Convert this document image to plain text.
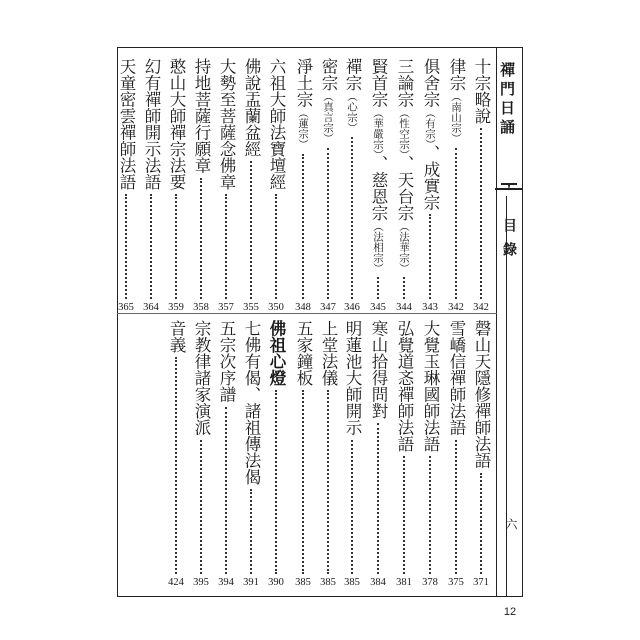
禪門日誦
目錄
六
12
十宗略說
342
律宗（南山宗）
342
俱舍宗（有宗）、成實宗
343
三論宗（性空宗）、天台宗（法華宗）
344
賢首宗（華嚴宗）、慈恩宗（法相宗）
345
禪宗（心宗）
346
密宗（真言宗）
347
淨土宗（蓮宗）
348
六祖大師法寶壇經
350
佛說盂蘭盆經
355
大勢至菩薩念佛章
357
持地菩薩行願章
358
憨山大師禪宗法要
359
幻有禪師開示法語
364
天童密雲禪師法語
365
磬山天隱修禪師法語
371
雪嶠信禪師法語
375
大覺玉琳國師法語
378
弘覺道忞禪師法語
381
寒山拾得問對
384
明蓮池大師開示
385
上堂法儀
385
五家鐘板
385
佛祖心燈
390
七佛有偈、諸祖傳法偈
391
五宗次序譜
394
宗教律諸家演派
395
音義
424
